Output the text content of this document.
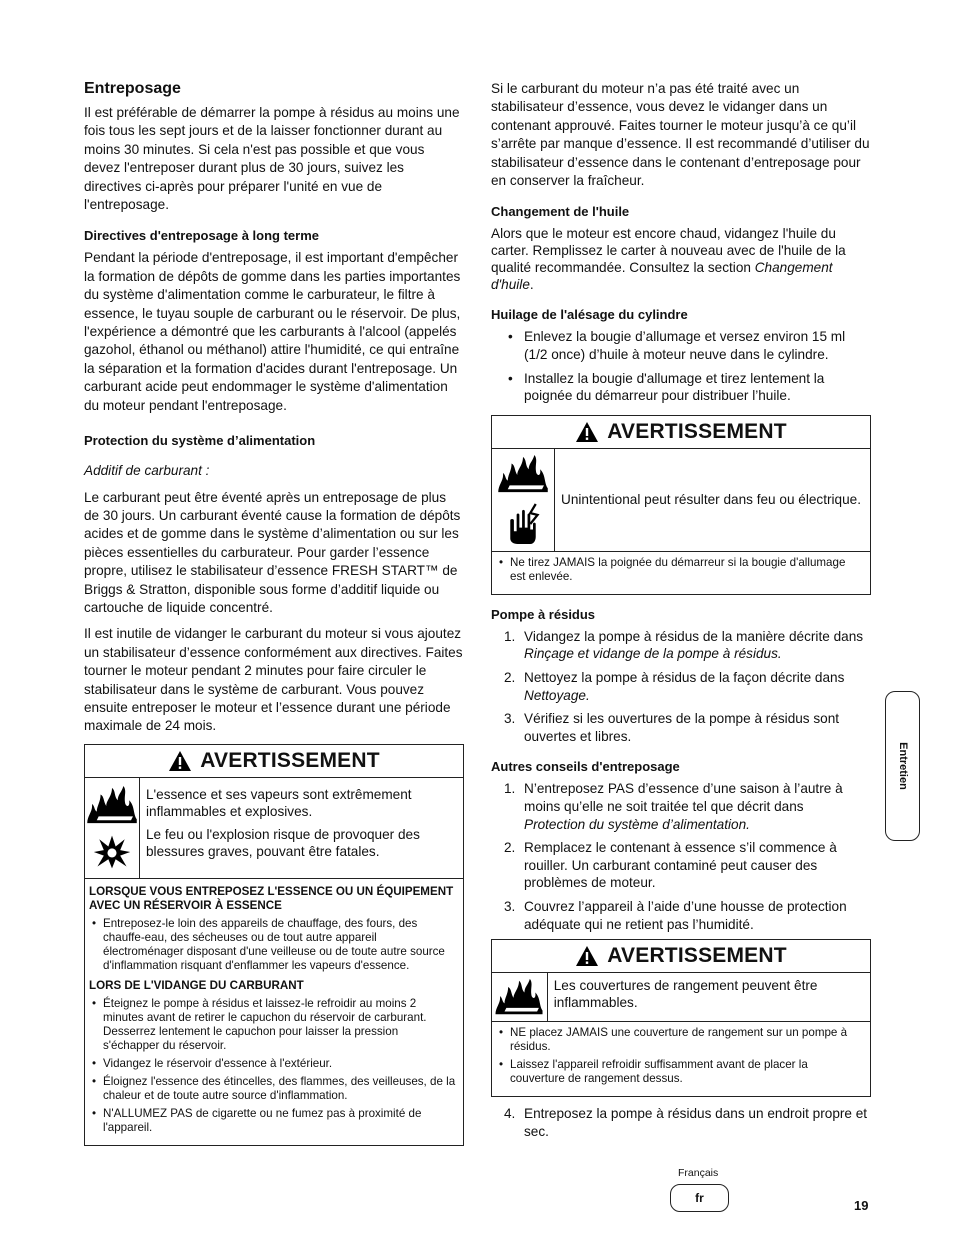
Entreposage

Il est préférable de démarrer la pompe à résidus au moins une fois tous les sept jours et de la laisser fonctionner durant au moins 30 minutes. Si cela n'est pas possible et que vous devez l'entreposer durant plus de 30 jours, suivez les directives ci-après pour préparer l'unité en vue de l'entreposage.

Directives d'entreposage à long terme

Pendant la période d'entreposage, il est important d'empêcher la formation de dépôts de gomme dans les parties importantes du système d'alimentation comme le carburateur, le filtre à essence, le tuyau souple de carburant ou le réservoir. De plus, l'expérience a démontré que les carburants à l'alcool (appelés gazohol, éthanol ou méthanol) attire l'humidité, ce qui entraîne la séparation et la formation d'acides durant l'entreposage. Un carburant acide peut endommager le système d'alimentation du moteur pendant l'entreposage.

Protection du système d’alimentation

Additif de carburant :

Le carburant peut être éventé après un entreposage de plus de 30 jours. Un carburant éventé cause la formation de dépôts acides et de gomme dans le système d’alimentation ou sur les pièces essentielles du carburateur. Pour garder l’essence propre, utilisez le stabilisateur d’essence FRESH START™ de Briggs & Stratton, disponible sous forme d’additif liquide ou cartouche de liquide concentré.

Il est inutile de vidanger le carburant du moteur si vous ajoutez un stabilisateur d’essence conformément aux directives. Faites tourner le moteur pendant 2 minutes pour faire circuler le stabilisateur dans le système de carburant. Vous pouvez ensuite entreposer le moteur et l’essence durant une période maximale de 24 mois.

AVERTISSEMENT

L'essence et ses vapeurs sont extrêmement inflammables et explosives.

Le feu ou l'explosion risque de provoquer des blessures graves, pouvant être fatales.

LORSQUE VOUS ENTREPOSEZ L'ESSENCE OU UN ÉQUIPEMENT AVEC UN RÉSERVOIR À ESSENCE
• Entreposez-le loin des appareils de chauffage, des fours, des chauffe-eau, des sécheuses ou de tout autre appareil électroménager disposant d'une veilleuse ou de toute autre source d'inflammation risquant d'enflammer les vapeurs d'essence.
LORS DE L'VIDANGE DU CARBURANT
• Éteignez le pompe à résidus et laissez-le refroidir au moins 2 minutes avant de retirer le capuchon du réservoir de carburant. Desserrez lentement le capuchon pour laisser la pression s'échapper du réservoir.
• Vidangez le réservoir d'essence à l'extérieur.
• Éloignez l'essence des étincelles, des flammes, des veilleuses, de la chaleur et de toute autre source d'inflammation.
• N'ALLUMEZ PAS de cigarette ou ne fumez pas à proximité de l'appareil.

Si le carburant du moteur n’a pas été traité avec un stabilisateur d’essence, vous devez le vidanger dans un contenant approuvé. Faites tourner le moteur jusqu’à ce qu’il s’arrête par manque d’essence. Il est recommandé d’utiliser du stabilisateur d’essence dans le contenant d’entreposage pour en conserver la fraîcheur.

Changement de l'huile

Alors que le moteur est encore chaud, vidangez l'huile du carter. Remplissez le carter à nouveau avec de l'huile de la qualité recommandée. Consultez la section Changement d'huile.

Huilage de l'alésage du cylindre
• Enlevez la bougie d’allumage et versez environ 15 ml (1/2 once) d’huile à moteur neuve dans le cylindre.
• Installez la bougie d'allumage et tirez lentement la poignée du démarreur pour distribuer l’huile.
AVERTISSEMENT
Unintentional peut résulter dans feu ou électrique.
• Ne tirez JAMAIS la poignée du démarreur si la bougie d'allumage est enlevée.
Pompe à résidus
1. Vidangez la pompe à résidus de la manière décrite dans
Rinçage et vidange de la pompe à résidus.
2. Nettoyez la pompe à résidus de la façon décrite dans
Nettoyage.
3. Vérifiez si les ouvertures de la pompe à résidus sont ouvertes et libres.
Autres conseils d'entreposage
1. N’entreposez PAS d’essence d’une saison à l’autre à moins qu’elle ne soit traitée tel que décrit dans
Protection du système d’alimentation.
2. Remplacez le contenant à essence s’il commence à rouiller. Un carburant contaminé peut causer des problèmes de moteur.
3. Couvrez l’appareil à l’aide d’une housse de protection adéquate qui ne retient pas l’humidité.
AVERTISSEMENT
Les couvertures de rangement peuvent être inflammables.
• NE placez JAMAIS une couverture de rangement sur un pompe à résidus.
• Laissez l'appareil refroidir suffisamment avant de placer la couverture de rangement dessus.
4. Entreposez la pompe à résidus dans un endroit propre et sec.
Entretien
Français
fr	19
